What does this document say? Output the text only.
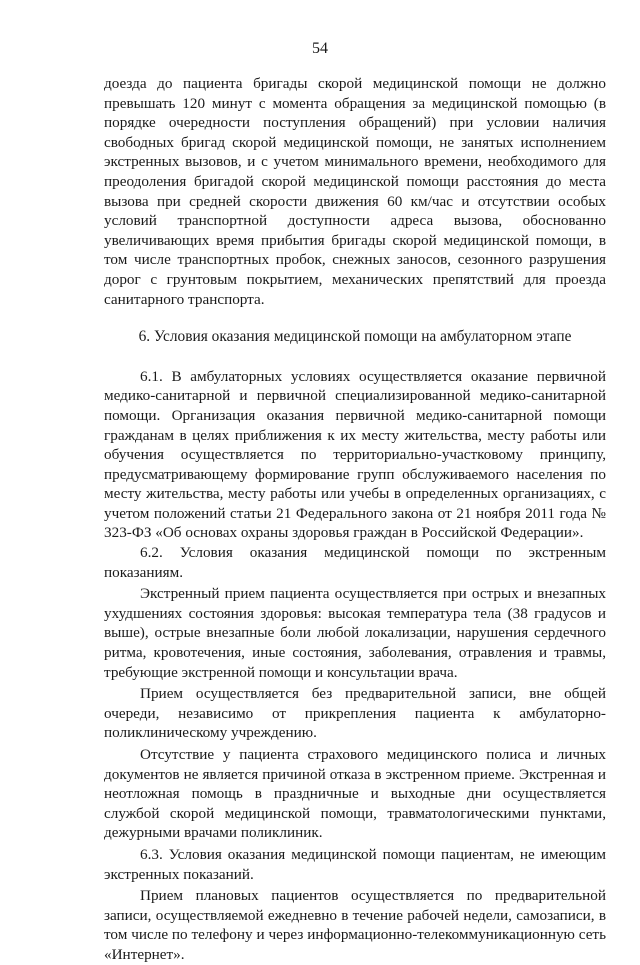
54

доезда до пациента бригады скорой медицинской помощи не должно превышать 120 минут с момента обращения за медицинской помощью (в порядке очередности поступления обращений) при условии наличия свободных бригад скорой медицинской помощи, не занятых исполнением экстренных вызовов, и с учетом минимального времени, необходимого для преодоления бригадой скорой медицинской помощи расстояния до места вызова при средней скорости движения 60 км/час и отсутствии особых условий транспортной доступности адреса вызова, обоснованно увеличивающих время прибытия бригады скорой медицинской помощи, в том числе транспортных пробок, снежных заносов, сезонного разрушения дорог с грунтовым покрытием, механических препятствий для проезда санитарного транспорта.

6. Условия оказания медицинской помощи на амбулаторном этапе

6.1. В амбулаторных условиях осуществляется оказание первичной медико-санитарной и первичной специализированной медико-санитарной помощи. Организация оказания первичной медико-санитарной помощи гражданам в целях приближения к их месту жительства, месту работы или обучения осуществляется по территориально-участковому принципу, предусматривающему формирование групп обслуживаемого населения по месту жительства, месту работы или учебы в определенных организациях, с учетом положений статьи 21 Федерального закона от 21 ноября 2011 года № 323-ФЗ «Об основах охраны здоровья граждан в Российской Федерации».

6.2. Условия оказания медицинской помощи по экстренным показаниям.

Экстренный прием пациента осуществляется при острых и внезапных ухудшениях состояния здоровья: высокая температура тела (38 градусов и выше), острые внезапные боли любой локализации, нарушения сердечного ритма, кровотечения, иные состояния, заболевания, отравления и травмы, требующие экстренной помощи и консультации врача.

Прием осуществляется без предварительной записи, вне общей очереди, независимо от прикрепления пациента к амбулаторно-поликлиническому учреждению.

Отсутствие у пациента страхового медицинского полиса и личных документов не является причиной отказа в экстренном приеме. Экстренная и неотложная помощь в праздничные и выходные дни осуществляется службой скорой медицинской помощи, травматологическими пунктами, дежурными врачами поликлиник.

6.3. Условия оказания медицинской помощи пациентам, не имеющим экстренных показаний.

Прием плановых пациентов осуществляется по предварительной записи, осуществляемой ежедневно в течение рабочей недели, самозаписи, в том числе по телефону и через информационно-телекоммуникационную сеть «Интернет».
